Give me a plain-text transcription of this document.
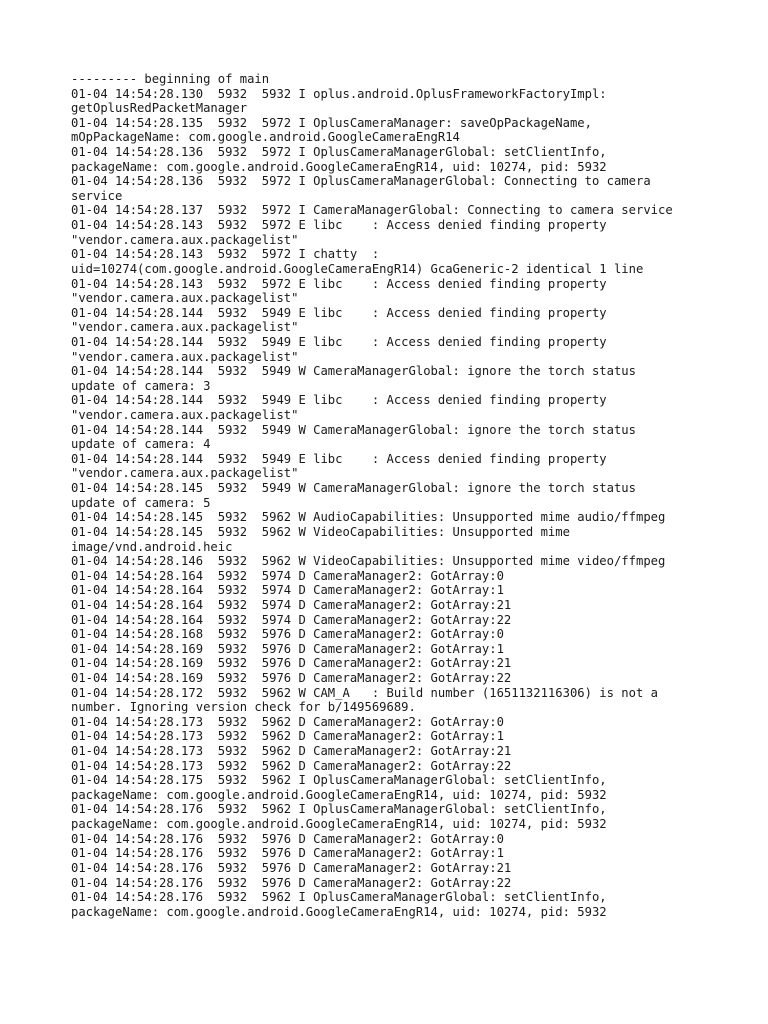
--------- beginning of main
01-04 14:54:28.130  5932  5932 I oplus.android.OplusFrameworkFactoryImpl:
getOplusRedPacketManager
01-04 14:54:28.135  5932  5972 I OplusCameraManager: saveOpPackageName,
mOpPackageName: com.google.android.GoogleCameraEngR14
01-04 14:54:28.136  5932  5972 I OplusCameraManagerGlobal: setClientInfo,
packageName: com.google.android.GoogleCameraEngR14, uid: 10274, pid: 5932
01-04 14:54:28.136  5932  5972 I OplusCameraManagerGlobal: Connecting to camera
service
01-04 14:54:28.137  5932  5972 I CameraManagerGlobal: Connecting to camera service
01-04 14:54:28.143  5932  5972 E libc    : Access denied finding property
"vendor.camera.aux.packagelist"
01-04 14:54:28.143  5932  5972 I chatty  :
uid=10274(com.google.android.GoogleCameraEngR14) GcaGeneric-2 identical 1 line
01-04 14:54:28.143  5932  5972 E libc    : Access denied finding property
"vendor.camera.aux.packagelist"
01-04 14:54:28.144  5932  5949 E libc    : Access denied finding property
"vendor.camera.aux.packagelist"
01-04 14:54:28.144  5932  5949 E libc    : Access denied finding property
"vendor.camera.aux.packagelist"
01-04 14:54:28.144  5932  5949 W CameraManagerGlobal: ignore the torch status
update of camera: 3
01-04 14:54:28.144  5932  5949 E libc    : Access denied finding property
"vendor.camera.aux.packagelist"
01-04 14:54:28.144  5932  5949 W CameraManagerGlobal: ignore the torch status
update of camera: 4
01-04 14:54:28.144  5932  5949 E libc    : Access denied finding property
"vendor.camera.aux.packagelist"
01-04 14:54:28.145  5932  5949 W CameraManagerGlobal: ignore the torch status
update of camera: 5
01-04 14:54:28.145  5932  5962 W AudioCapabilities: Unsupported mime audio/ffmpeg
01-04 14:54:28.145  5932  5962 W VideoCapabilities: Unsupported mime
image/vnd.android.heic
01-04 14:54:28.146  5932  5962 W VideoCapabilities: Unsupported mime video/ffmpeg
01-04 14:54:28.164  5932  5974 D CameraManager2: GotArray:0
01-04 14:54:28.164  5932  5974 D CameraManager2: GotArray:1
01-04 14:54:28.164  5932  5974 D CameraManager2: GotArray:21
01-04 14:54:28.164  5932  5974 D CameraManager2: GotArray:22
01-04 14:54:28.168  5932  5976 D CameraManager2: GotArray:0
01-04 14:54:28.169  5932  5976 D CameraManager2: GotArray:1
01-04 14:54:28.169  5932  5976 D CameraManager2: GotArray:21
01-04 14:54:28.169  5932  5976 D CameraManager2: GotArray:22
01-04 14:54:28.172  5932  5962 W CAM_A   : Build number (1651132116306) is not a
number. Ignoring version check for b/149569689.
01-04 14:54:28.173  5932  5962 D CameraManager2: GotArray:0
01-04 14:54:28.173  5932  5962 D CameraManager2: GotArray:1
01-04 14:54:28.173  5932  5962 D CameraManager2: GotArray:21
01-04 14:54:28.173  5932  5962 D CameraManager2: GotArray:22
01-04 14:54:28.175  5932  5962 I OplusCameraManagerGlobal: setClientInfo,
packageName: com.google.android.GoogleCameraEngR14, uid: 10274, pid: 5932
01-04 14:54:28.176  5932  5962 I OplusCameraManagerGlobal: setClientInfo,
packageName: com.google.android.GoogleCameraEngR14, uid: 10274, pid: 5932
01-04 14:54:28.176  5932  5976 D CameraManager2: GotArray:0
01-04 14:54:28.176  5932  5976 D CameraManager2: GotArray:1
01-04 14:54:28.176  5932  5976 D CameraManager2: GotArray:21
01-04 14:54:28.176  5932  5976 D CameraManager2: GotArray:22
01-04 14:54:28.176  5932  5962 I OplusCameraManagerGlobal: setClientInfo,
packageName: com.google.android.GoogleCameraEngR14, uid: 10274, pid: 5932
